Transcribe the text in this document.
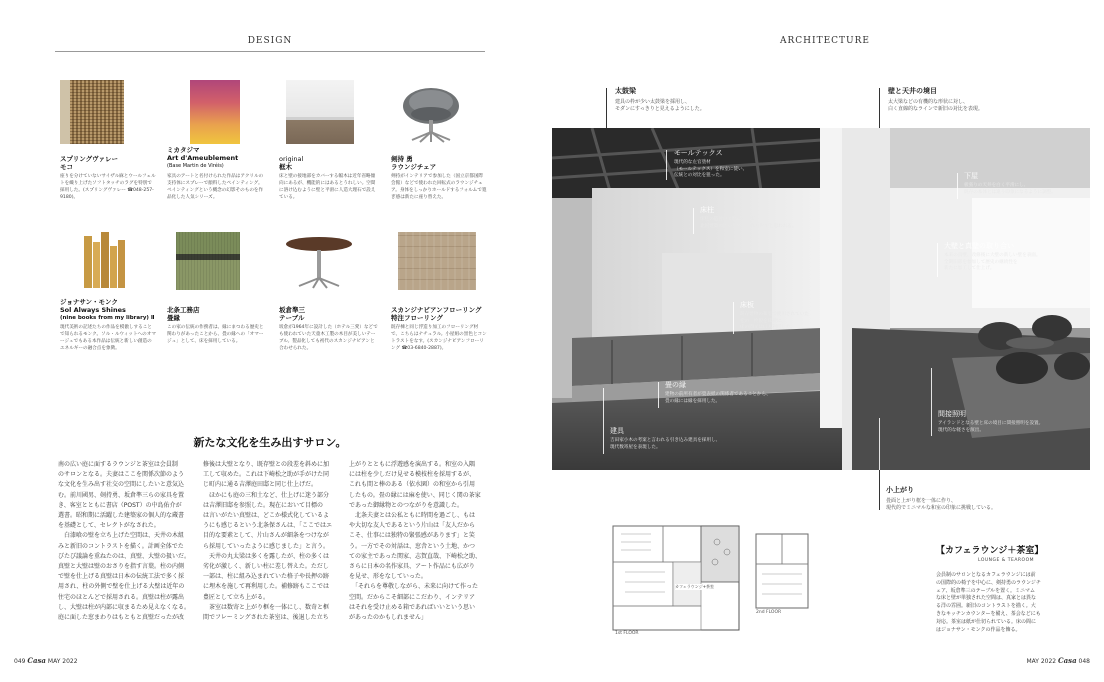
DESIGN
スプリングヴァレー
モコ
座りを分けていないサイザル麻とウールフェルトを織り上げたソフトタッチのラグを特別で採用した。(スプリングヴァレー ☎048-257-9180)。
ミカタジマ
Art d'Ameublement
(Base Martin de Viréis)
家具のアートと名付けられた作品はアクリルの支持体にスプレーで顔料したペインティング。ペインティングという概念の幻影そのものを作品化した人気シリーズ。
original
框木
床と壁の接地部をカバーする幅木は近年省略傾向にあるが、機能的にはあるとうれしい。空間に溶け込むように壁と平滑に人造大理石で設えている。
剣持 勇
ラウンジチェア
剣持がインテリアで参加した（国立京都国際会館）などで使われた回転式のラウンジチェア。身体をしっかりホールドするフォルムで寛ぎ感は新たに座り替えた。
ジョナサン・モンク
Sol Always Shines
(nine books from my library) Ⅱ
現代美術の記述たちの作品を模倣しすることで知られるモンク。ソル・ルウィットへのオマージュでもある本作品は伝統と新しい創造のエネルギーの融合点を象徴。
北条工務店
畳縁
この家の伝統の作務者は、縁にまつわる歴史と関わりがあったことから、畳の縁への「オマージュ」として、床を採用している。
坂倉準三
テーブル
坂倉が1964年に設計した（ホテル三愛）などでも使われていた天童木工製の木目が美しいテーブル。製品化しても初代のスカンジナビアンと合わせられた。
スカンジナビアンフローリング
特注フローリング
既存棟と同じ浮造り加工のフローリング材で、こちらはナチュラル。小屋組の黒色とコントラストをなす。(スカンジナビアンフローリング ☎03-6840-2887)。
新たな文化を生み出すサロン。
南の広い庭に面するラウンジと茶室は会員制
のサロンとなる。夫妻はここを関係次節のよう
な文化を生み出す社交の空間にしたいと意気込
む。前川國男、剣持勇、坂倉準三らの家具を置
き、客室とともに書店（POST）の中島佑介が
選書。昭和期に活躍した建築家の個人的な蔵書
を基礎として、セレクトがなされた。
　白漆喰の壁を立ち上げた空間は、天井の木組
みと新旧のコントラストを描く。計画全体でた
びたび議論を重ねたのは、真壁、大壁の扱いだ。
真壁と大壁は壁のおさりを指す言葉。柱の内側
で壁を仕上げる真壁は日本の伝統工法で多く採
用され、柱の外側で壁を仕上げる大壁は近年の
住宅のほとんどで採用される。真壁は柱が露出
し、大壁は柱が内部に収まるため見えなくなる。
庭に面した窓まわりはもともと真壁だったが改
修後は大壁となり、既存壁との段差を斜めに加
工して収めた。これは下崎松之助が手がけた同
じ町内に通る吉澤庭田邸と同じ仕上げだ。
　ほかにも庭の三和土など、仕上げに迷う部分
は吉澤旧邸を参照した。現在において目標の
は言いがたい真壁は、どこか様式化しているよ
うにも感じるという北条保さんは、「ここではエ
目的な要素として、片山さんが細条をつけなが
ら採用していったように感じました」と言う。
　天井の丸太梁は多くを露したが、柱の多くは
劣化が激しく、新しい柱に差し替えた。ただし
一部は、柱に組み込まれていた格子や長押の跡
に埋木を施して再利用した。補修跡もここでは
豊匠として立ち上がる。
　茶室は数寄と上がり框を一体にし、数奇と框
間でフレーミングされた茶室は、後退した立ち
上がりとともに浮遊感を演出する。和室の入隅
には柱を少しだけ見せる模枝柱を採用するが、
これも間と棒のある（依水園）の和室から引用
したもの。畳の縁には麻を使い、同じく関の茶家
であった御縁物とのつながりを意識した。
　北条夫妻とは公私ともに時間を過ごし、もは
や大切な友人であるという片山は「友人だから
こそ、仕事には独特の緊張感があります」と笑
う。一方でその対話は、窓舎という土地、かつ
ての家主であった関家、志賀直哉、下崎松之助、
さらに日本の名作家具、アート作品にも広がり
を見せ、形をなしていった。
　「それらを尊敬しながら、未来に向けて作った
空間。だからこそ細部にこだわり、インテリア
はそれを受け止める箱であればいいという思い
があったのかもしれません」
049 Casa MAY 2022
ARCHITECTURE
太鼓梁
建具の枠が少い太鼓梁を採用し、
モダンにすっきりと見えるようにした。
壁と天井の境目
太大梁などの有機的な形状に対し、
白く直線的なラインで新旧の対比を表現。
モールテックス
現代的な左官塗材
（モールテックス）を和室に使い、
伝統との対比を狙った。
床柱
床柱の造付け本棚はかつて、
北国建築の思いうず使われた材でと思われる。
床板
既存建物の和室で使用されていた
松の一枚板を床板に、
床の間又は口木利用した。
畳の縁
建物の前所有者が畳表紙の関係者であることから、
畳の縁には縁を採用した。
建具
吉田家小木の考案と言われる引き込み建具を採用し、
現代数寄屋を表現した。
下屋
板張りの天井を白く平滑にし、
既存の本体とは違う印象になるように調整。
大壁と真壁の取り合い
本来の真壁、改修後に大壁の新しい壁を表面。
全期旧部を参加して歴史の継続性を
新たに加工して仕上げ。
間接照明
アイランドとなる壁と床の境目に間接照明を設置。
現代的な軽さを演出。
小上がり
畳面と上がり框を一体に作り、
現代的でミニマルな和室の印象に挑戦している。
1st FLOOR
カフェラウンジ+茶室
2nd FLOOR
【カフェラウンジ＋茶室】
LOUNGE & TEAROOM
会員制のサロンとなるカフェラウンジには前
の国際的の椅子を中心に、剣持勇のラウンジチ
ェア、坂倉準三のテーブルを置く。ミニマム
な床と壁が単独された空間は、真家とは異な
る洋の雰囲。新旧のコントラストを描く。大
きなキッチンカウンターを備え、茶会などにも
対応。茶室は紙が仕切られている。床の間に
はジョナサン・モンクの作品を飾る。
MAY 2022 Casa 048
